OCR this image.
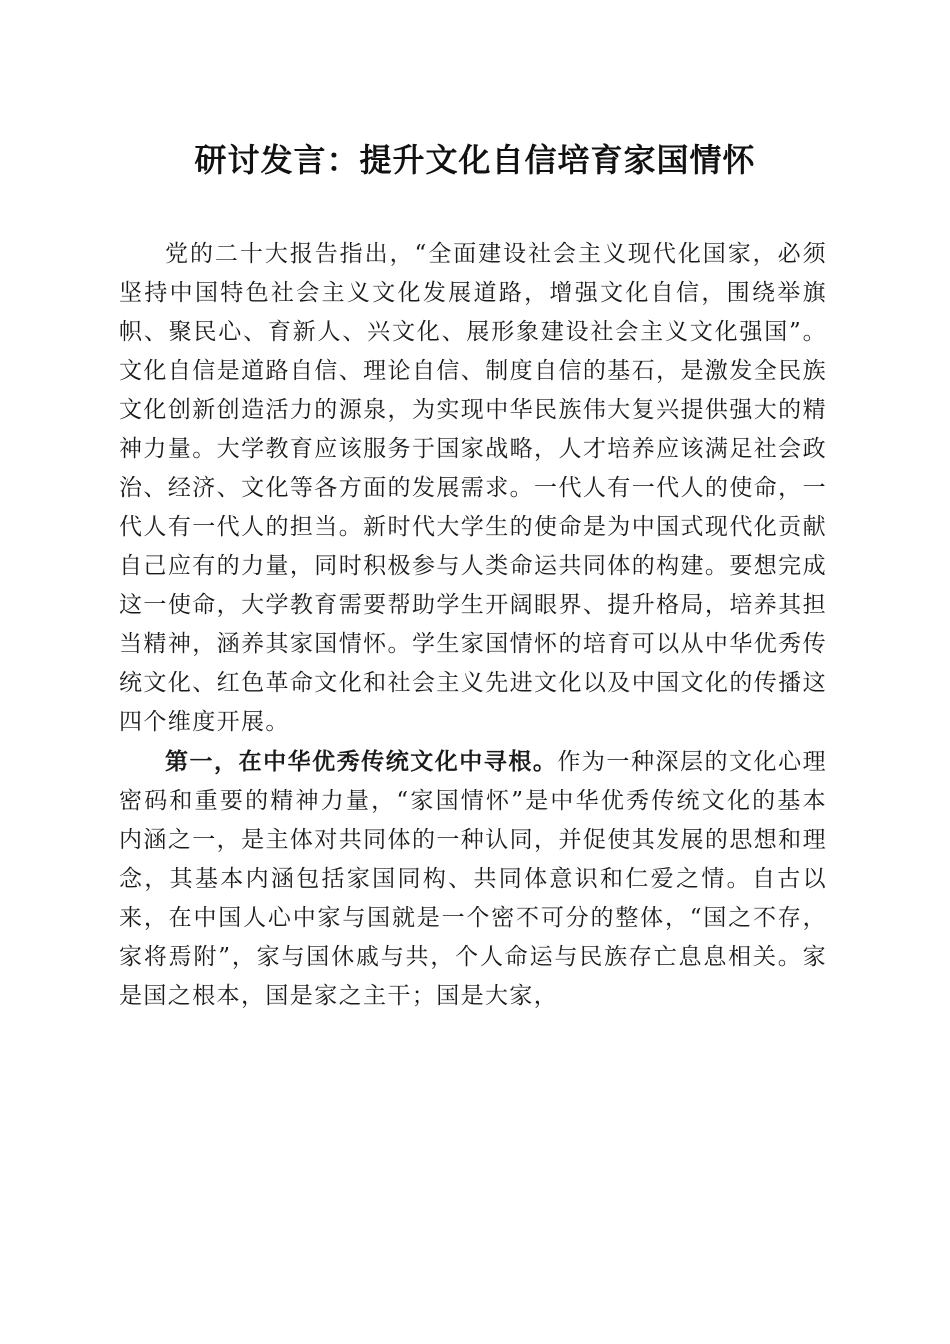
研讨发言：提升文化自信培育家国情怀

党的二十大报告指出，“全面建设社会主义现代化国家，必须坚持中国特色社会主义文化发展道路，增强文化自信，围绕举旗帜、聚民心、育新人、兴文化、展形象建设社会主义文化强国”。文化自信是道路自信、理论自信、制度自信的基石，是激发全民族文化创新创造活力的源泉，为实现中华民族伟大复兴提供强大的精神力量。大学教育应该服务于国家战略，人才培养应该满足社会政治、经济、文化等各方面的发展需求。一代人有一代人的使命，一代人有一代人的担当。新时代大学生的使命是为中国式现代化贡献自己应有的力量，同时积极参与人类命运共同体的构建。要想完成这一使命，大学教育需要帮助学生开阔眼界、提升格局，培养其担当精神，涵养其家国情怀。学生家国情怀的培育可以从中华优秀传统文化、红色革命文化和社会主义先进文化以及中国文化的传播这四个维度开展。

第一，在中华优秀传统文化中寻根。作为一种深层的文化心理密码和重要的精神力量，“家国情怀”是中华优秀传统文化的基本内涵之一，是主体对共同体的一种认同，并促使其发展的思想和理念，其基本内涵包括家国同构、共同体意识和仁爱之情。自古以来，在中国人心中家与国就是一个密不可分的整体，“国之不存，家将焉附”，家与国休戚与共，个人命运与民族存亡息息相关。家是国之根本，国是家之主干；国是大家，
